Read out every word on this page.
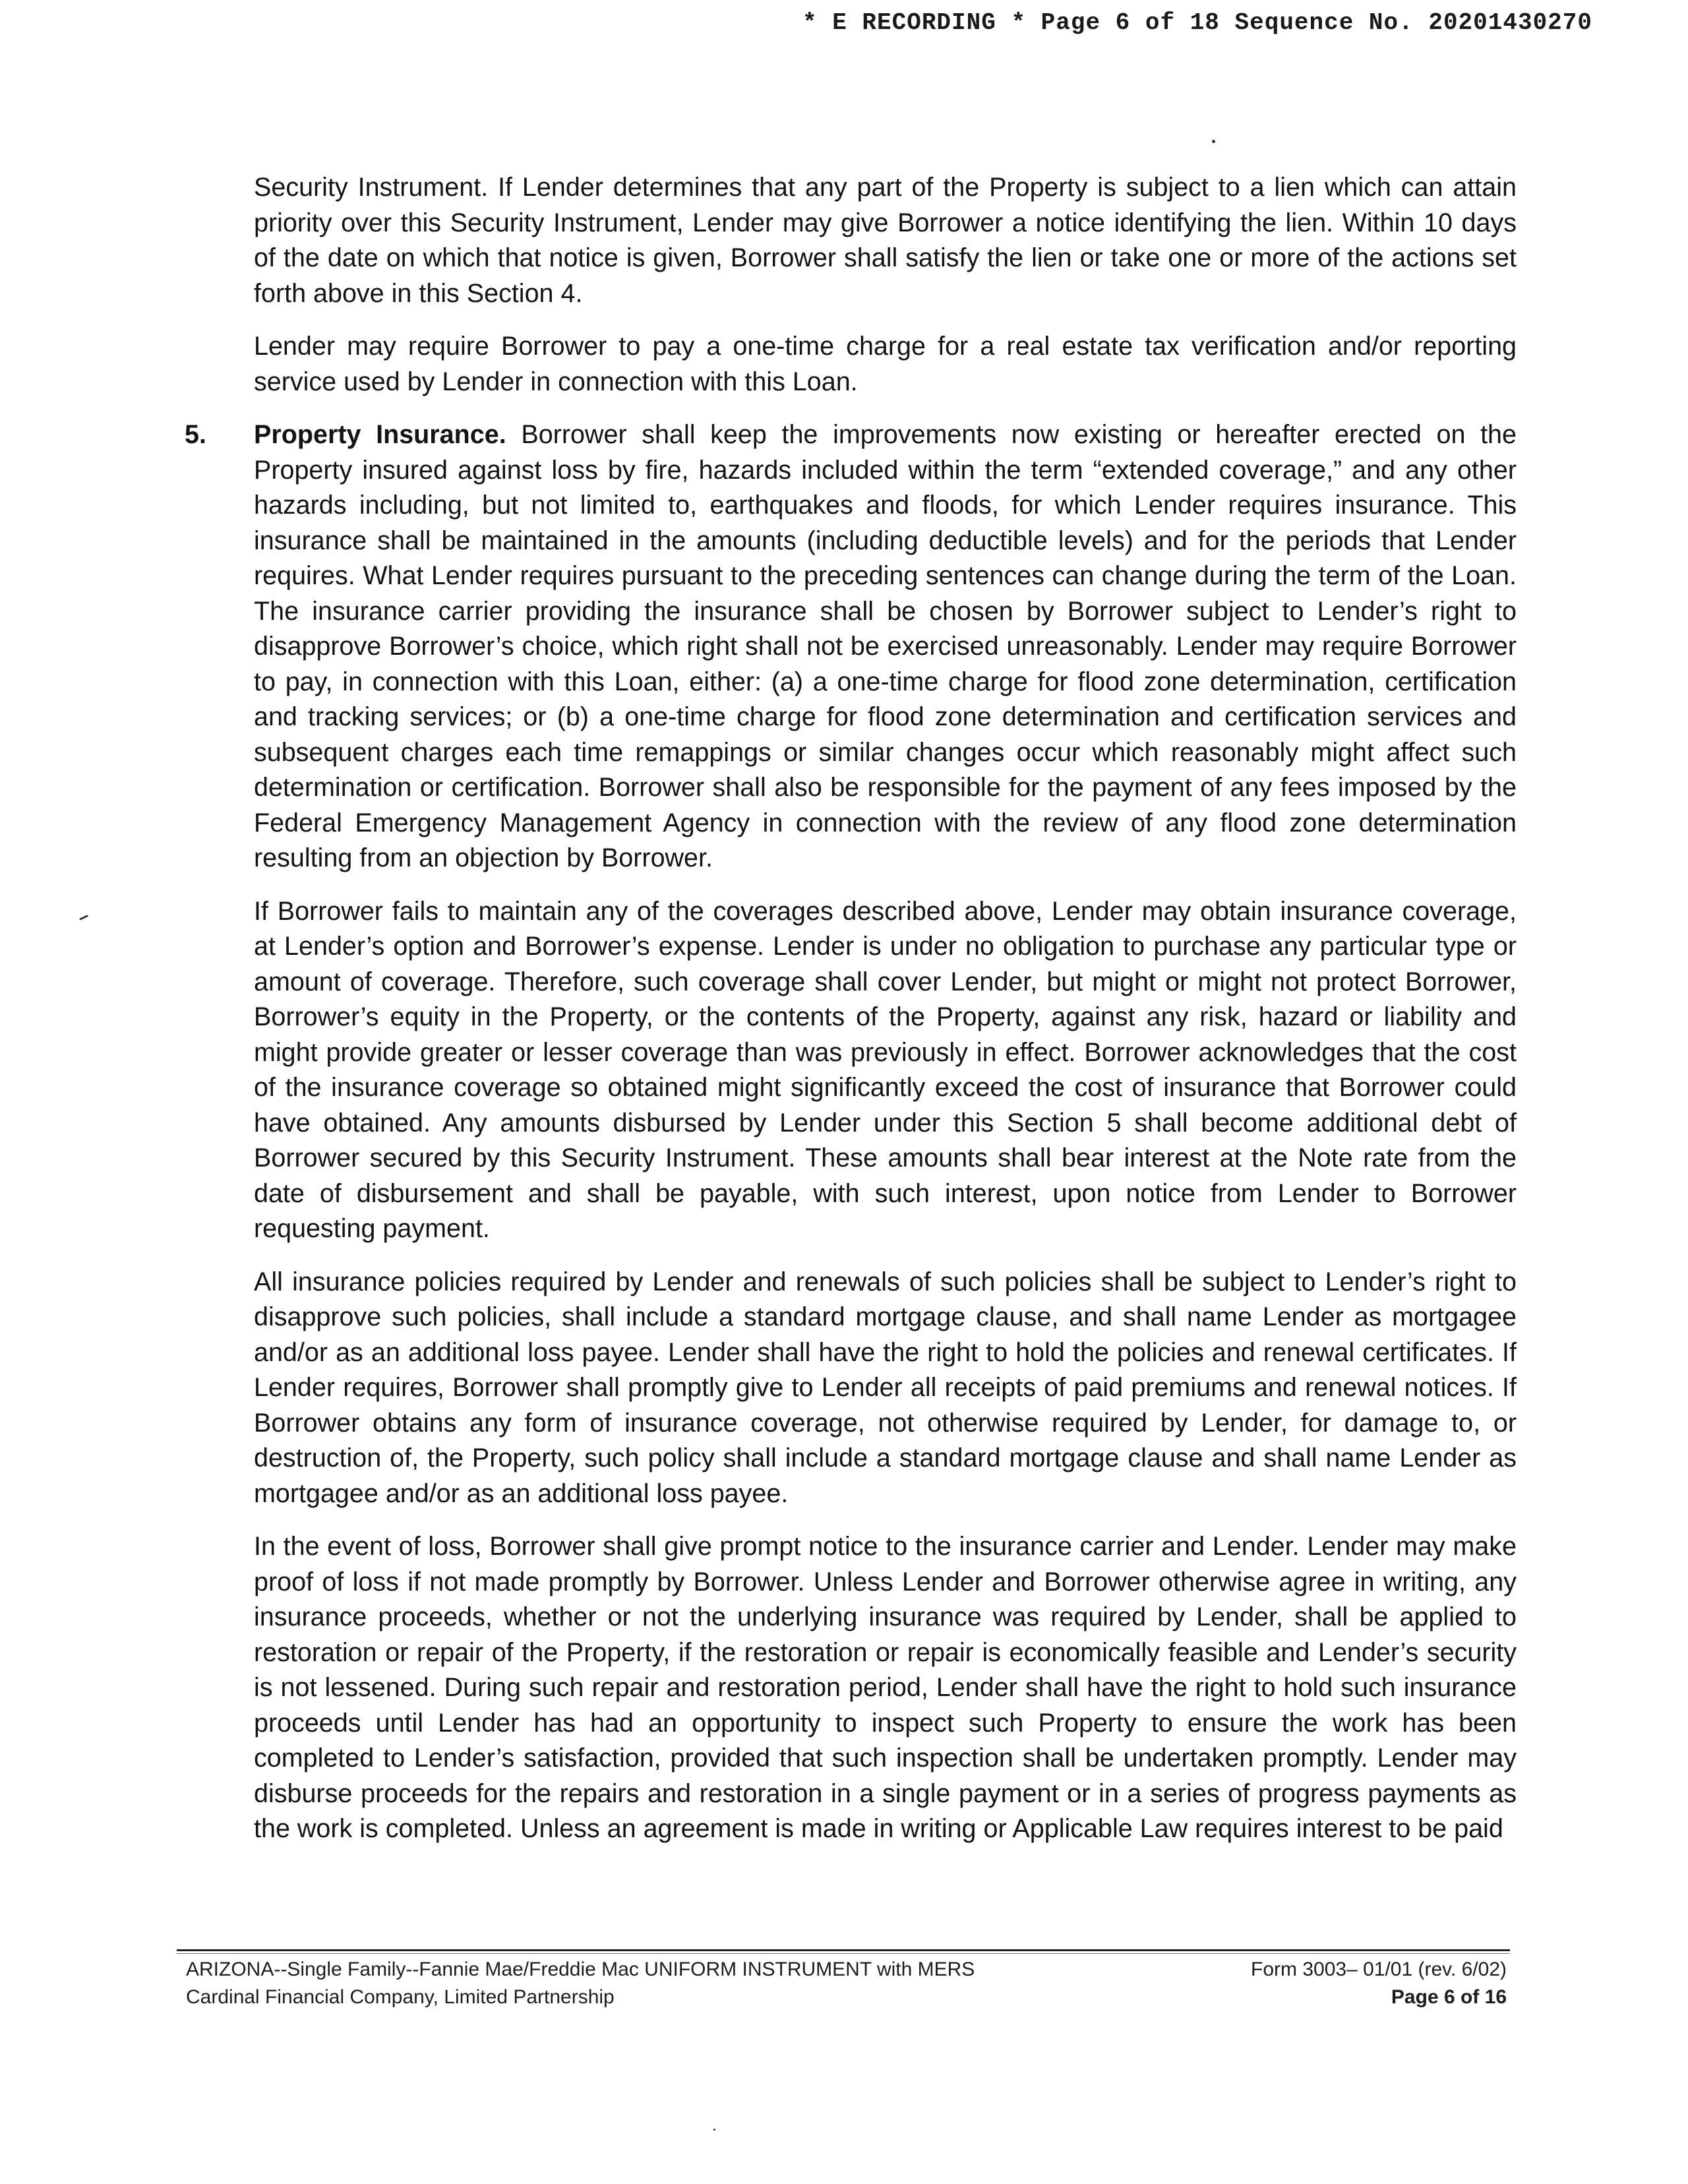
* E RECORDING * Page 6 of 18 Sequence No. 20201430270

Security Instrument. If Lender determines that any part of the Property is subject to a lien which can attain priority over this Security Instrument, Lender may give Borrower a notice identifying the lien. Within 10 days of the date on which that notice is given, Borrower shall satisfy the lien or take one or more of the actions set forth above in this Section 4.

Lender may require Borrower to pay a one-time charge for a real estate tax verification and/or reporting service used by Lender in connection with this Loan.

5. Property Insurance. Borrower shall keep the improvements now existing or hereafter erected on the Property insured against loss by fire, hazards included within the term “extended coverage,” and any other hazards including, but not limited to, earthquakes and floods, for which Lender requires insurance. This insurance shall be maintained in the amounts (including deductible levels) and for the periods that Lender requires. What Lender requires pursuant to the preceding sentences can change during the term of the Loan. The insurance carrier providing the insurance shall be chosen by Borrower subject to Lender’s right to disapprove Borrower’s choice, which right shall not be exercised unreasonably. Lender may require Borrower to pay, in connection with this Loan, either: (a) a one-time charge for flood zone determination, certification and tracking services; or (b) a one-time charge for flood zone determination and certification services and subsequent charges each time remappings or similar changes occur which reasonably might affect such determination or certification. Borrower shall also be responsible for the payment of any fees imposed by the Federal Emergency Management Agency in connection with the review of any flood zone determination resulting from an objection by Borrower.

If Borrower fails to maintain any of the coverages described above, Lender may obtain insurance coverage, at Lender’s option and Borrower’s expense. Lender is under no obligation to purchase any particular type or amount of coverage. Therefore, such coverage shall cover Lender, but might or might not protect Borrower, Borrower’s equity in the Property, or the contents of the Property, against any risk, hazard or liability and might provide greater or lesser coverage than was previously in effect. Borrower acknowledges that the cost of the insurance coverage so obtained might significantly exceed the cost of insurance that Borrower could have obtained. Any amounts disbursed by Lender under this Section 5 shall become additional debt of Borrower secured by this Security Instrument. These amounts shall bear interest at the Note rate from the date of disbursement and shall be payable, with such interest, upon notice from Lender to Borrower requesting payment.

All insurance policies required by Lender and renewals of such policies shall be subject to Lender’s right to disapprove such policies, shall include a standard mortgage clause, and shall name Lender as mortgagee and/or as an additional loss payee. Lender shall have the right to hold the policies and renewal certificates. If Lender requires, Borrower shall promptly give to Lender all receipts of paid premiums and renewal notices. If Borrower obtains any form of insurance coverage, not otherwise required by Lender, for damage to, or destruction of, the Property, such policy shall include a standard mortgage clause and shall name Lender as mortgagee and/or as an additional loss payee.

In the event of loss, Borrower shall give prompt notice to the insurance carrier and Lender. Lender may make proof of loss if not made promptly by Borrower. Unless Lender and Borrower otherwise agree in writing, any insurance proceeds, whether or not the underlying insurance was required by Lender, shall be applied to restoration or repair of the Property, if the restoration or repair is economically feasible and Lender’s security is not lessened. During such repair and restoration period, Lender shall have the right to hold such insurance proceeds until Lender has had an opportunity to inspect such Property to ensure the work has been completed to Lender’s satisfaction, provided that such inspection shall be undertaken promptly. Lender may disburse proceeds for the repairs and restoration in a single payment or in a series of progress payments as the work is completed. Unless an agreement is made in writing or Applicable Law requires interest to be paid

ARIZONA--Single Family--Fannie Mae/Freddie Mac UNIFORM INSTRUMENT with MERS
Cardinal Financial Company, Limited Partnership
Form 3003– 01/01 (rev. 6/02)
Page 6 of 16
